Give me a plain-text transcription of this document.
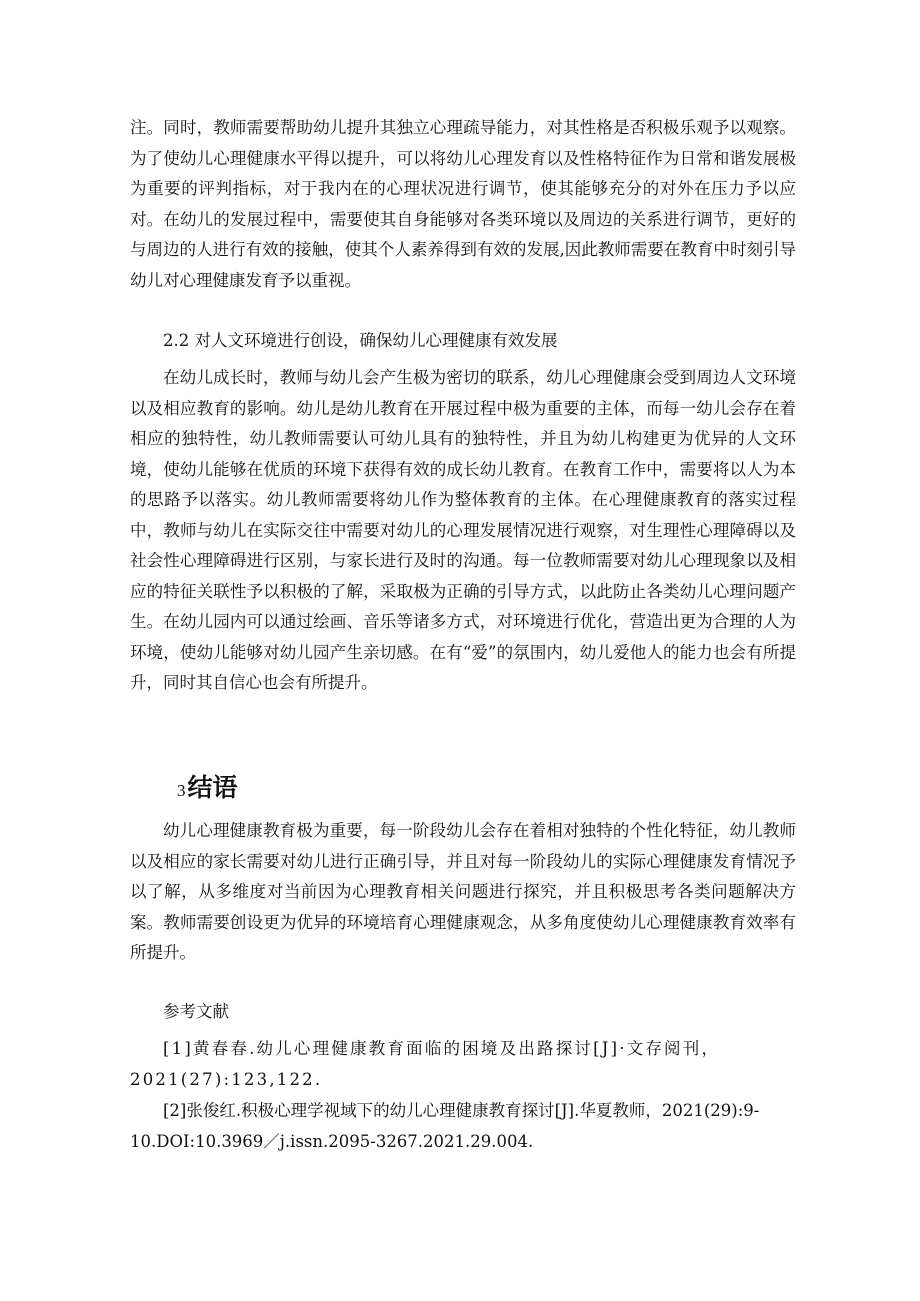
注。同时，教师需要帮助幼儿提升其独立心理疏导能力，对其性格是否积极乐观予以观察。为了使幼儿心理健康水平得以提升，可以将幼儿心理发育以及性格特征作为日常和谐发展极为重要的评判指标，对于我内在的心理状况进行调节，使其能够充分的对外在压力予以应对。在幼儿的发展过程中，需要使其自身能够对各类环境以及周边的关系进行调节，更好的与周边的人进行有效的接触，使其个人素养得到有效的发展,因此教师需要在教育中时刻引导幼儿对心理健康发育予以重视。

2.2 对人文环境进行创设，确保幼儿心理健康有效发展

在幼儿成长时，教师与幼儿会产生极为密切的联系，幼儿心理健康会受到周边人文环境以及相应教育的影响。幼儿是幼儿教育在开展过程中极为重要的主体，而每一幼儿会存在着相应的独特性，幼儿教师需要认可幼儿具有的独特性，并且为幼儿构建更为优异的人文环境，使幼儿能够在优质的环境下获得有效的成长幼儿教育。在教育工作中，需要将以人为本的思路予以落实。幼儿教师需要将幼儿作为整体教育的主体。在心理健康教育的落实过程中，教师与幼儿在实际交往中需要对幼儿的心理发展情况进行观察，对生理性心理障碍以及社会性心理障碍进行区别，与家长进行及时的沟通。每一位教师需要对幼儿心理现象以及相应的特征关联性予以积极的了解，采取极为正确的引导方式，以此防止各类幼儿心理问题产生。在幼儿园内可以通过绘画、音乐等诸多方式，对环境进行优化，营造出更为合理的人为环境，使幼儿能够对幼儿园产生亲切感。在有“爱”的氛围内，幼儿爱他人的能力也会有所提升，同时其自信心也会有所提升。

3结语

幼儿心理健康教育极为重要，每一阶段幼儿会存在着相对独特的个性化特征，幼儿教师以及相应的家长需要对幼儿进行正确引导，并且对每一阶段幼儿的实际心理健康发育情况予以了解，从多维度对当前因为心理教育相关问题进行探究，并且积极思考各类问题解决方案。教师需要创设更为优异的环境培育心理健康观念，从多角度使幼儿心理健康教育效率有所提升。

参考文献

[1]黄春春.幼儿心理健康教育面临的困境及出路探讨[J]·文存阅刊，
2021(27):123,122.
[2]张俊红.积极心理学视域下的幼儿心理健康教育探讨[J].华夏教师，2021(29):9-
10.DOI:10.3969／j.issn.2095-3267.2021.29.004.
